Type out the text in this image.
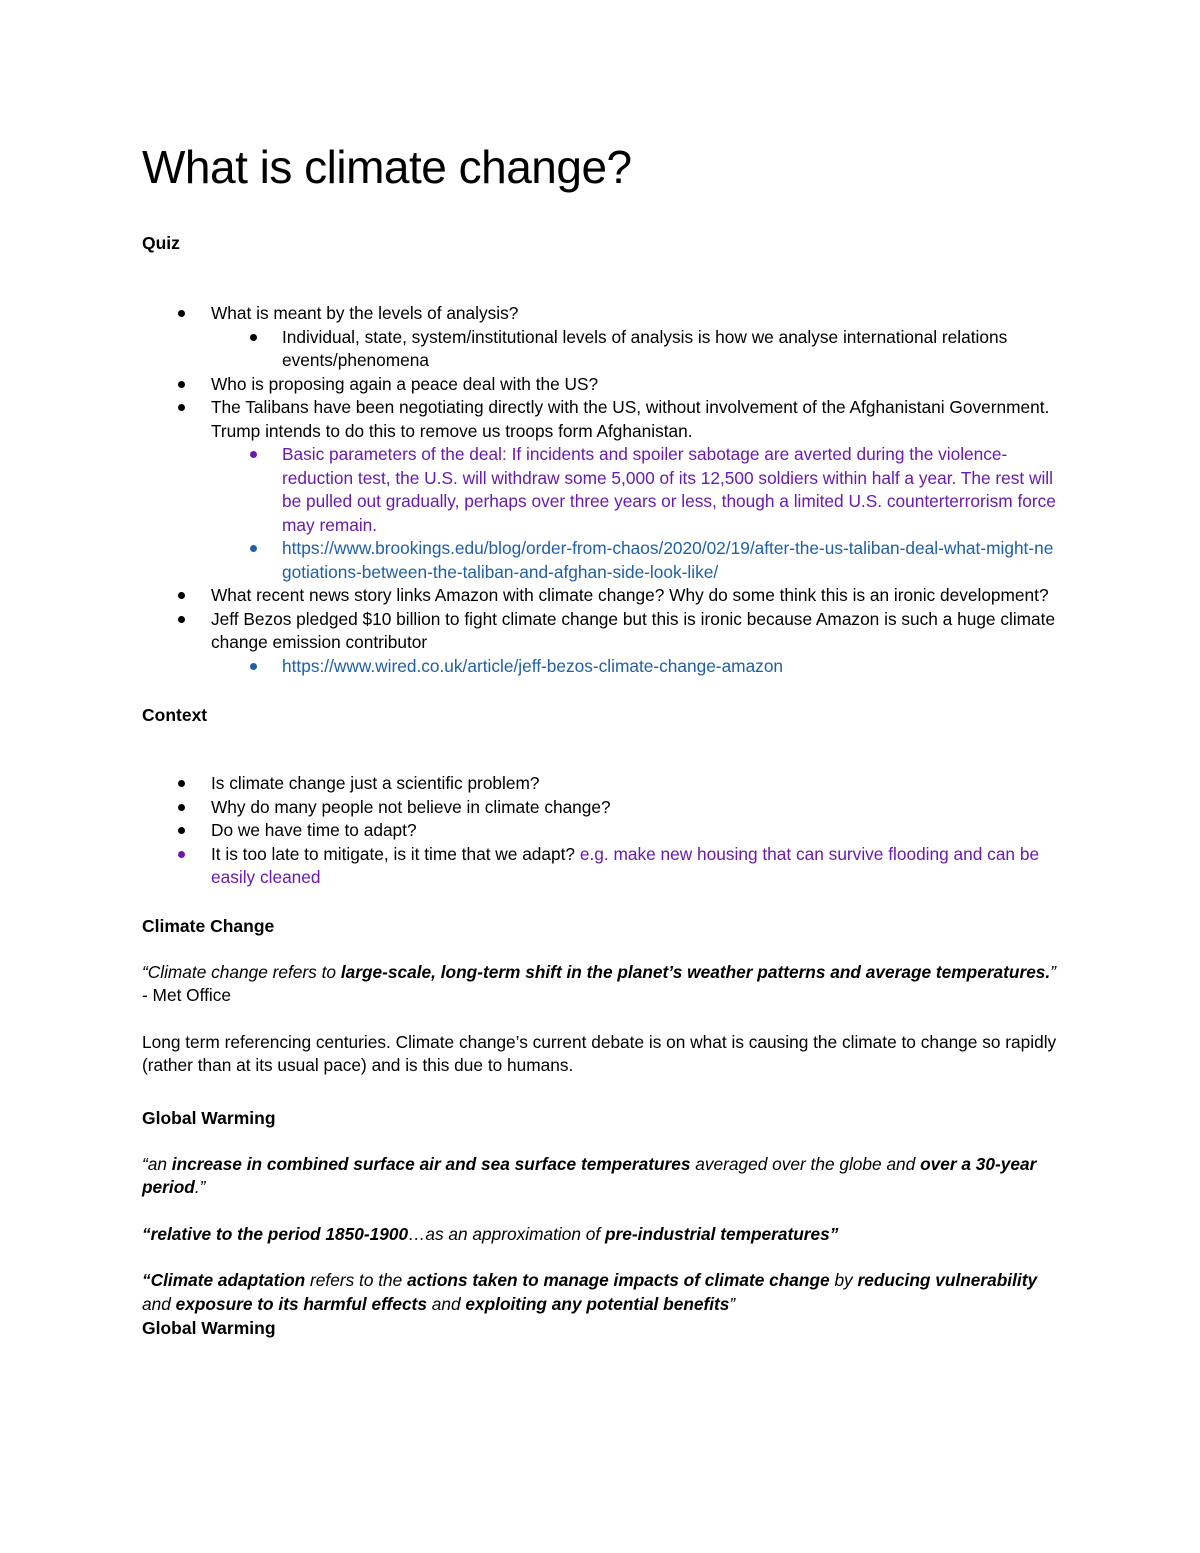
What is climate change?
Quiz
What is meant by the levels of analysis?
Individual, state, system/institutional levels of analysis is how we analyse international relations events/phenomena
Who is proposing again a peace deal with the US?
The Talibans have been negotiating directly with the US, without involvement of the Afghanistani Government. Trump intends to do this to remove us troops form Afghanistan.
Basic parameters of the deal: If incidents and spoiler sabotage are averted during the violence-reduction test, the U.S. will withdraw some 5,000 of its 12,500 soldiers within half a year. The rest will be pulled out gradually, perhaps over three years or less, though a limited U.S. counterterrorism force may remain.
https://www.brookings.edu/blog/order-from-chaos/2020/02/19/after-the-us-taliban-deal-what-might-negotiations-between-the-taliban-and-afghan-side-look-like/
What recent news story links Amazon with climate change? Why do some think this is an ironic development?
Jeff Bezos pledged $10 billion to fight climate change but this is ironic because Amazon is such a huge climate change emission contributor
https://www.wired.co.uk/article/jeff-bezos-climate-change-amazon
Context
Is climate change just a scientific problem?
Why do many people not believe in climate change?
Do we have time to adapt?
It is too late to mitigate, is it time that we adapt? e.g. make new housing that can survive flooding and can be easily cleaned
Climate Change

“Climate change refers to large-scale, long-term shift in the planet’s weather patterns and average temperatures.” - Met Office

Long term referencing centuries. Climate change’s current debate is on what is causing the climate to change so rapidly (rather than at its usual pace) and is this due to humans.

Global Warming

“an increase in combined surface air and sea surface temperatures averaged over the globe and over a 30-year period.”

“relative to the period 1850-1900…as an approximation of pre-industrial temperatures”

“Climate adaptation refers to the actions taken to manage impacts of climate change by reducing vulnerability and exposure to its harmful effects and exploiting any potential benefits”

Global Warming
